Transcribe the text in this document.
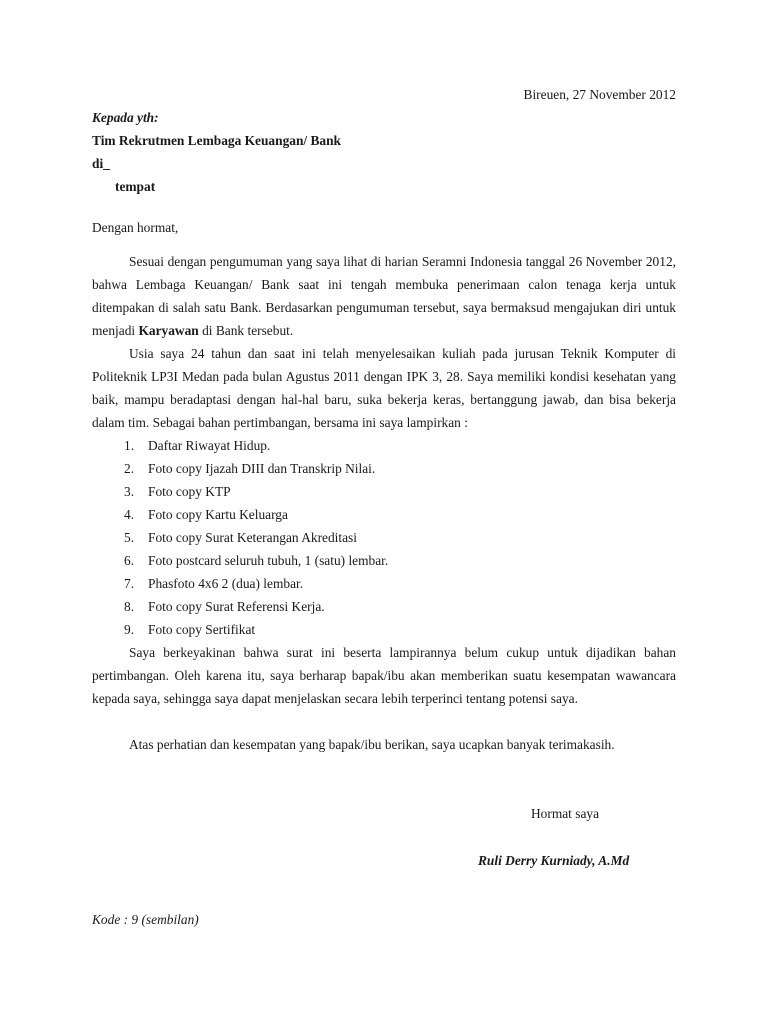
Bireuen, 27 November 2012
Kepada yth:
Tim Rekrutmen Lembaga Keuangan/ Bank
di_
tempat
Dengan hormat,
Sesuai dengan pengumuman yang saya lihat di harian Seramni Indonesia tanggal 26 November 2012, bahwa Lembaga Keuangan/ Bank saat ini tengah membuka penerimaan calon tenaga kerja untuk ditempakan di salah satu Bank. Berdasarkan pengumuman tersebut, saya bermaksud mengajukan diri untuk menjadi Karyawan di Bank tersebut.
Usia saya 24 tahun dan saat ini telah menyelesaikan kuliah pada jurusan Teknik Komputer di Politeknik LP3I Medan pada bulan Agustus 2011 dengan IPK 3, 28. Saya memiliki kondisi kesehatan yang baik, mampu beradaptasi dengan hal-hal baru, suka bekerja keras, bertanggung jawab, dan bisa bekerja dalam tim. Sebagai bahan pertimbangan, bersama ini saya lampirkan :
1. Daftar Riwayat Hidup.
2. Foto copy Ijazah DIII dan Transkrip Nilai.
3. Foto copy KTP
4. Foto copy Kartu Keluarga
5. Foto copy Surat Keterangan Akreditasi
6. Foto postcard seluruh tubuh, 1 (satu) lembar.
7. Phasfoto 4x6 2 (dua) lembar.
8. Foto copy Surat Referensi Kerja.
9. Foto copy Sertifikat
Saya berkeyakinan bahwa surat ini beserta lampirannya belum cukup untuk dijadikan bahan pertimbangan. Oleh karena itu, saya berharap bapak/ibu akan memberikan suatu kesempatan wawancara kepada saya, sehingga saya dapat menjelaskan secara lebih terperinci tentang potensi saya.
Atas perhatian dan kesempatan yang bapak/ibu berikan, saya ucapkan banyak terimakasih.
Hormat saya
Ruli Derry Kurniady, A.Md
Kode : 9 (sembilan)
